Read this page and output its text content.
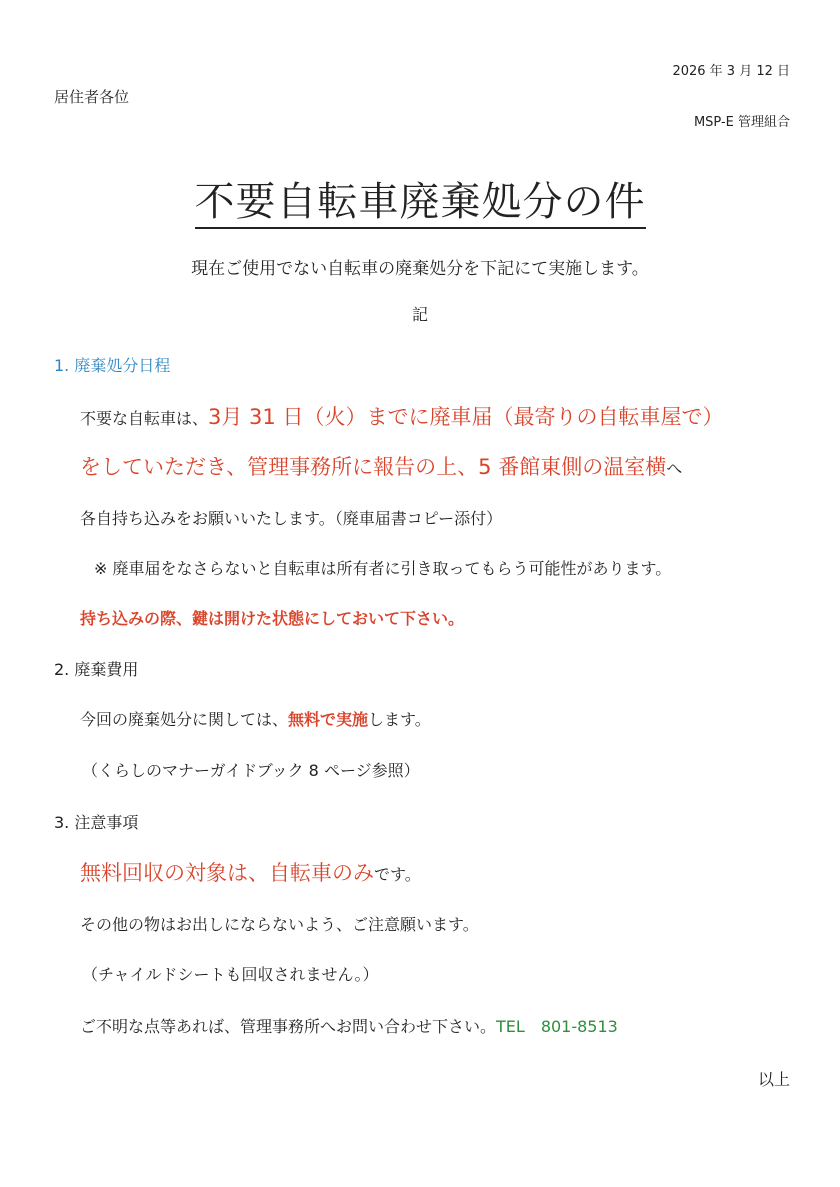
2026 年 3 月 12 日
居住者各位
MSP-E 管理組合
不要自転車廃棄処分の件
現在ご使用でない自転車の廃棄処分を下記にて実施します。
記
1. 廃棄処分日程
不要な自転車は、3月 31 日（火）までに廃車届（最寄りの自転車屋で）
をしていただき、管理事務所に報告の上、5 番館東側の温室横へ
各自持ち込みをお願いいたします。（廃車届書コピー添付）
※ 廃車届をなさらないと自転車は所有者に引き取ってもらう可能性があります。
持ち込みの際、鍵は開けた状態にしておいて下さい。
2. 廃棄費用
今回の廃棄処分に関しては、無料で実施します。
（くらしのマナーガイドブック 8 ページ参照）
3. 注意事項
無料回収の対象は、自転車のみです。
その他の物はお出しにならないよう、ご注意願います。
（チャイルドシートも回収されません。）
ご不明な点等あれば、管理事務所へお問い合わせ下さい。TEL　801-8513
以上
